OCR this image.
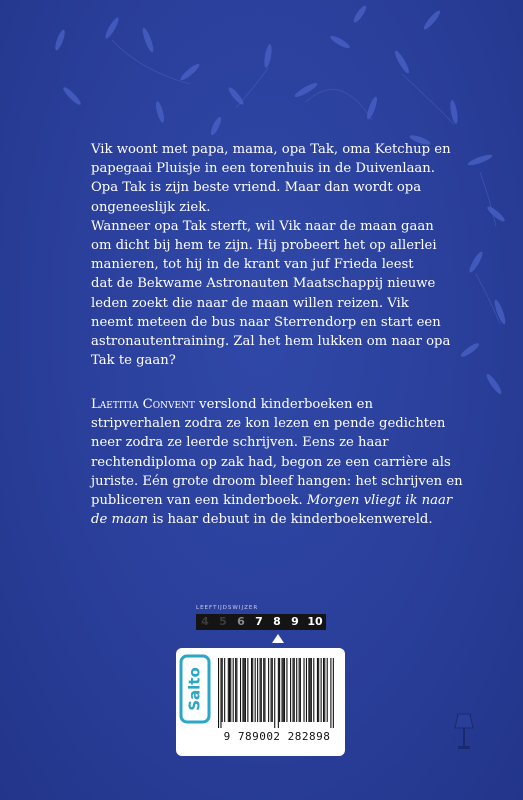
Vik woont met papa, mama, opa Tak, oma Ketchup en
papegaai Pluisje in een torenhuis in de Duivenlaan.
Opa Tak is zijn beste vriend. Maar dan wordt opa
ongeneeslijk ziek.
Wanneer opa Tak sterft, wil Vik naar de maan gaan
om dicht bij hem te zijn. Hij probeert het op allerlei
manieren, tot hij in de krant van juf Frieda leest
dat de Bekwame Astronauten Maatschappij nieuwe
leden zoekt die naar de maan willen reizen. Vik
neemt meteen de bus naar Sterrendorp en start een
astronautentraining. Zal het hem lukken om naar opa
Tak te gaan?
Laetitia Convent verslond kinderboeken en
stripverhalen zodra ze kon lezen en pende gedichten
neer zodra ze leerde schrijven. Eens ze haar
rechtendiploma op zak had, begon ze een carrière als
juriste. Eén grote droom bleef hangen: het schrijven en
publiceren van een kinderboek. Morgen vliegt ik naar
de maan is haar debuut in de kinderboekenwereld.
LEEFTIJDSWIJZER
4 5 6 7 8 9 10
Salto
9 789002 282898
